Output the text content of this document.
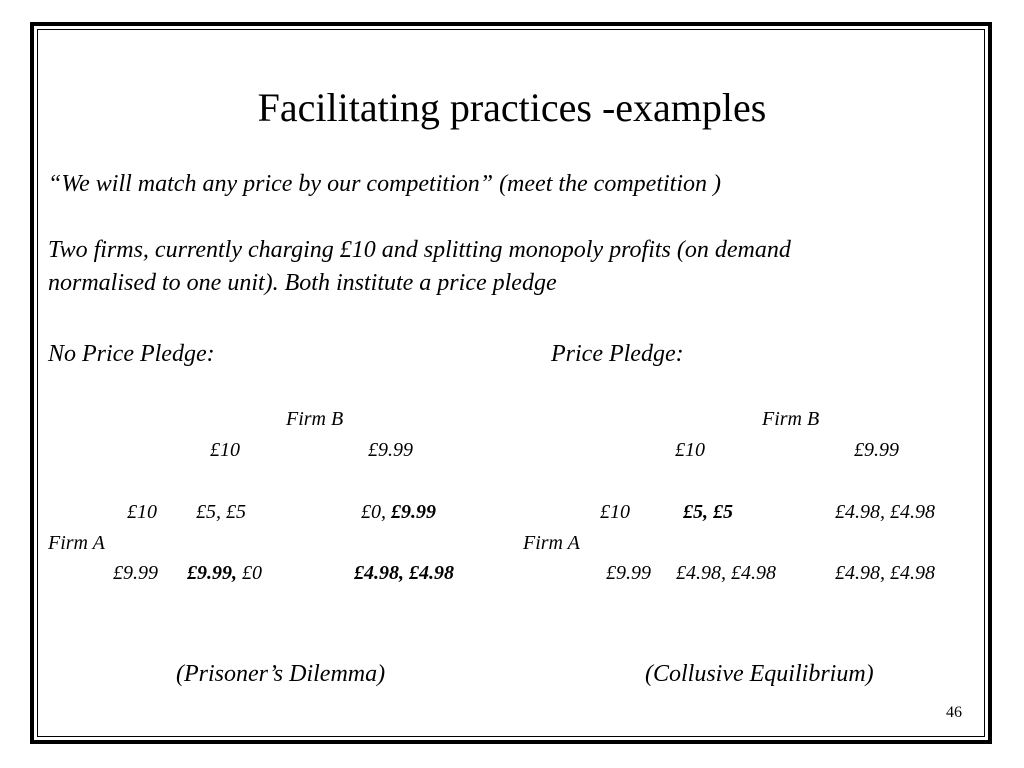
Facilitating practices -examples
“We will match any price by our competition” (meet the competition )
Two firms, currently charging £10 and splitting monopoly profits (on demand
normalised to one unit). Both institute a price pledge
No Price Pledge:
Firm B
£10	£9.99
£10 £5, £5	£0, £9.99
Firm A
£9.99 £9.99, £0	£4.98, £4.98
(Prisoner’s Dilemma)
Price Pledge:
Firm B
£10	£9.99
£10	£5, £5	£4.98, £4.98
Firm A
£9.99 £4.98, £4.98	£4.98, £4.98
(Collusive Equilibrium)
46
